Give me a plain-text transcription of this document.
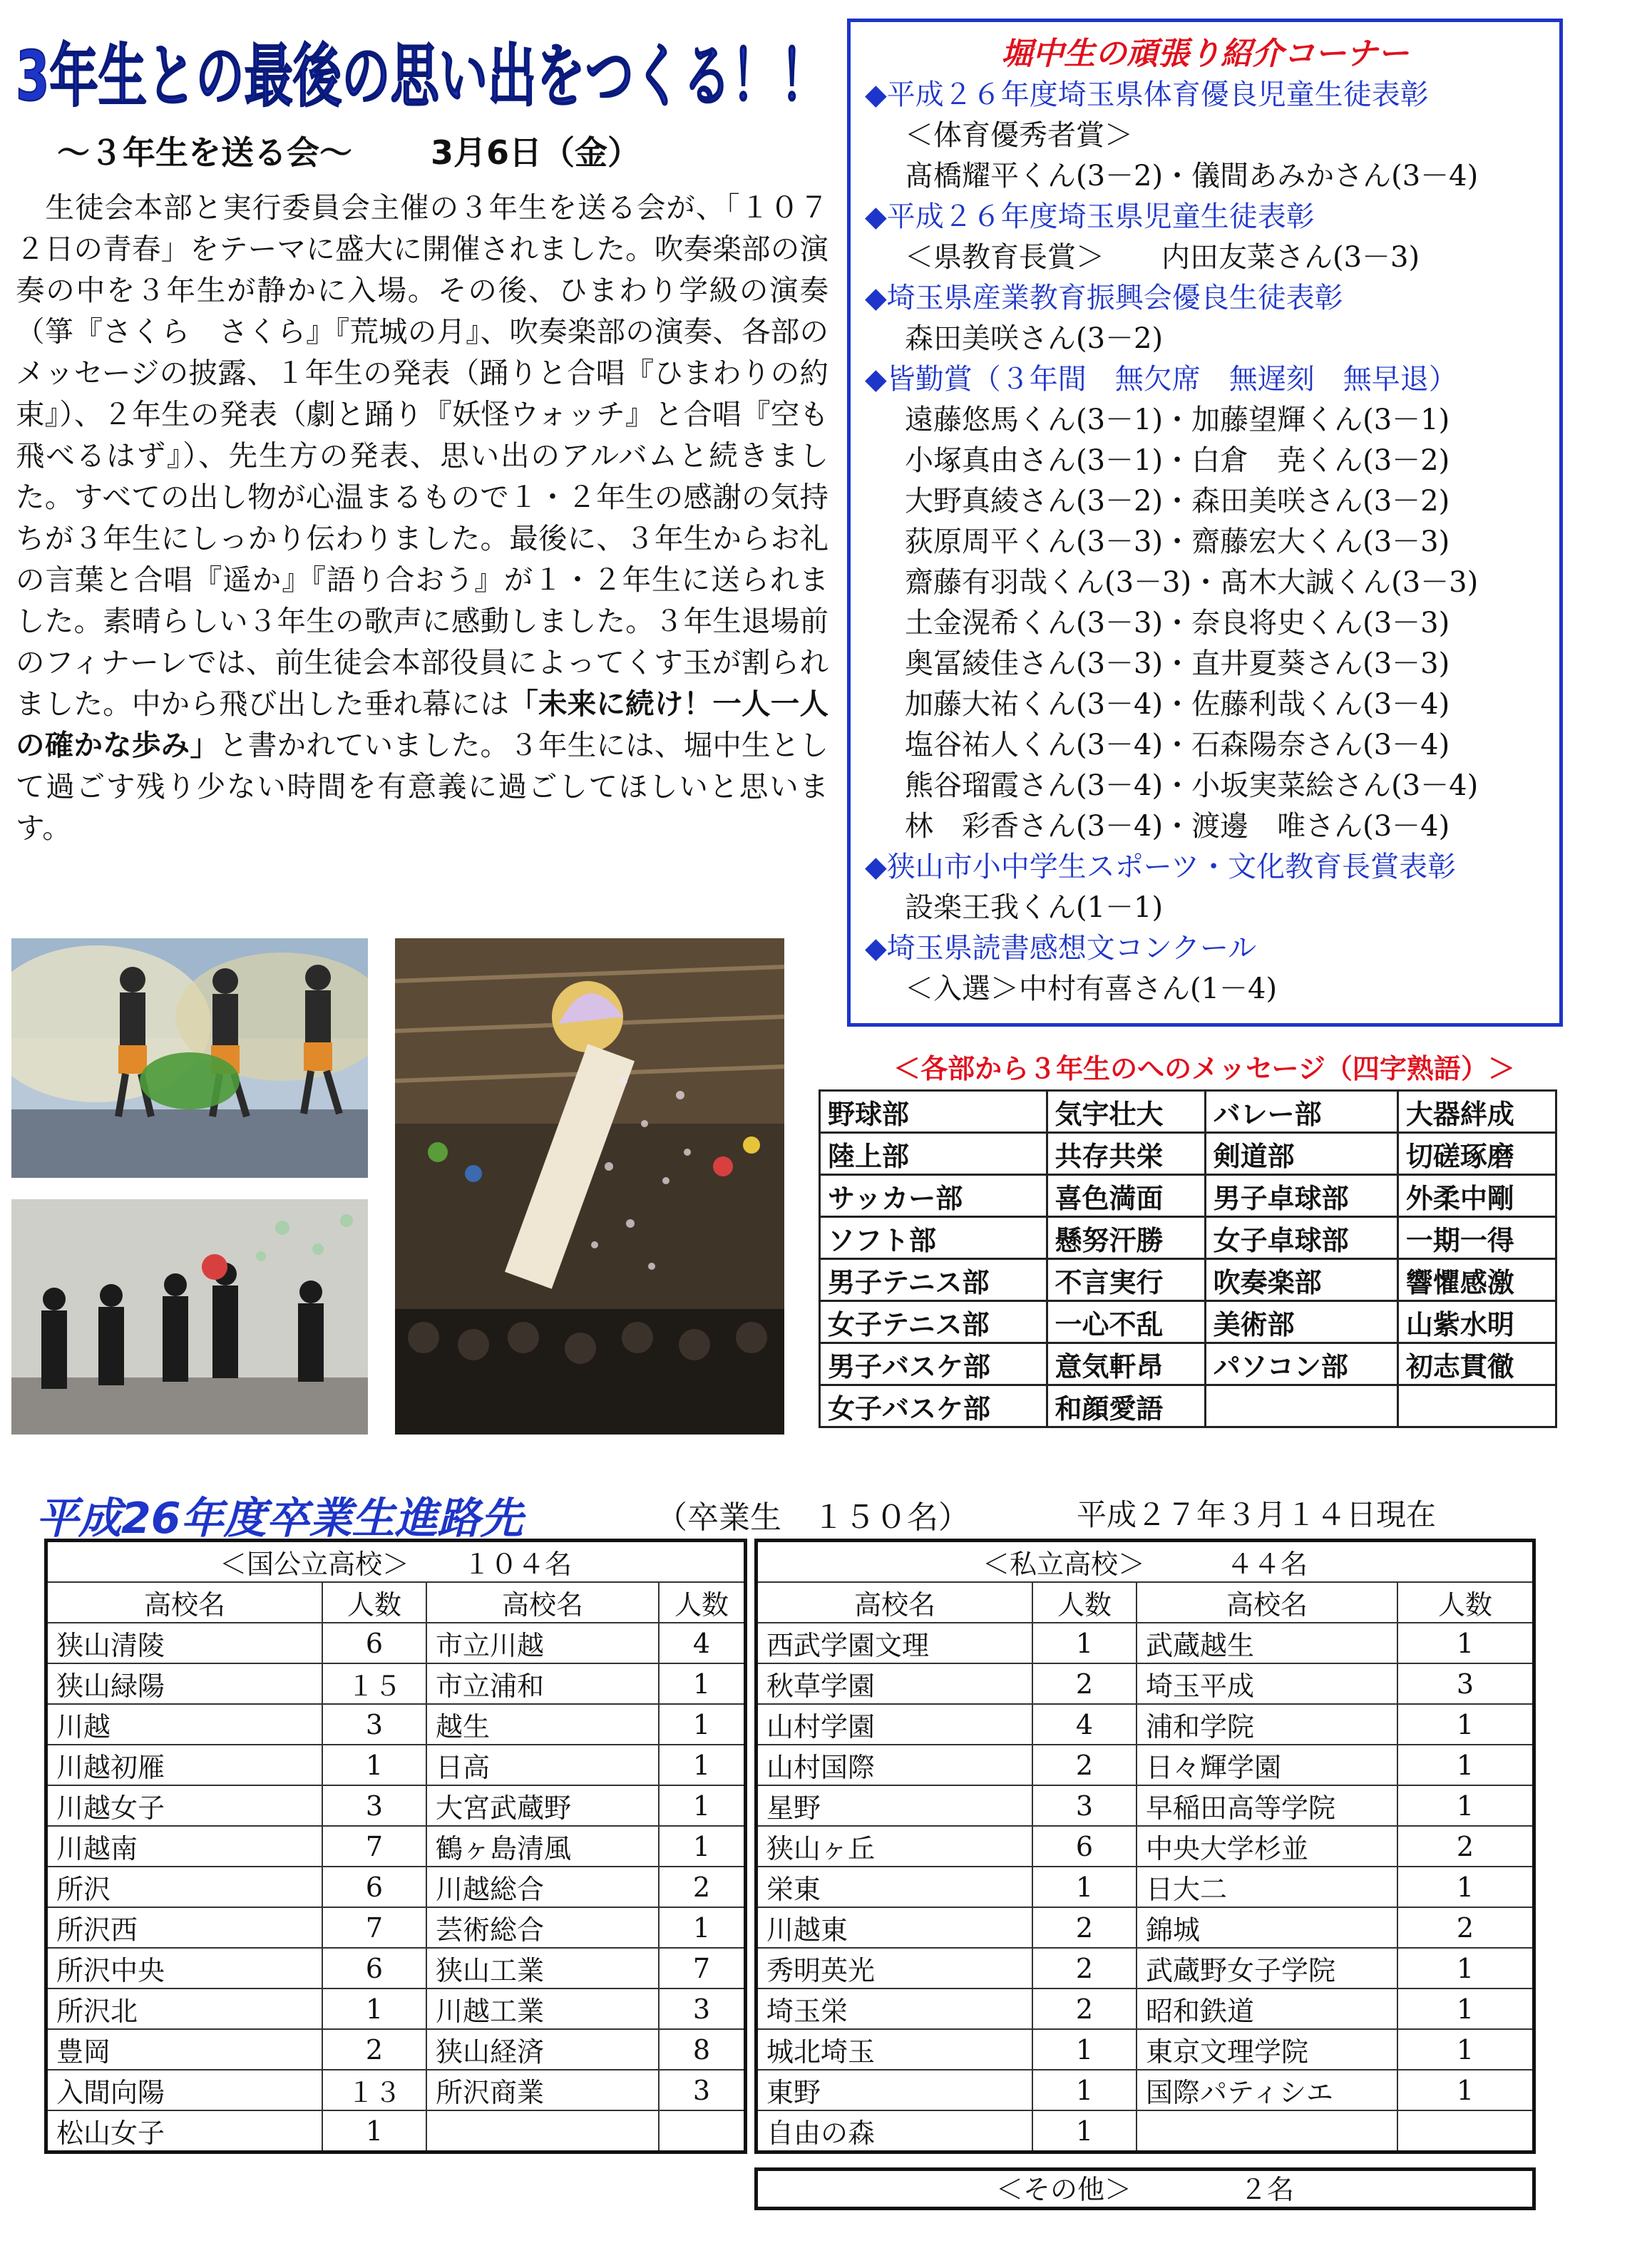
3年生との最後の思い出をつくる！！
～３年生を送る会～ 3月6日（金）

　生徒会本部と実行委員会主催の３年生を送る会が、「１０７２日の青春」をテーマに盛大に開催されました。吹奏楽部の演奏の中を３年生が静かに入場。その後、ひまわり学級の演奏（箏『さくら　さくら』『荒城の月』、吹奏楽部の演奏、各部のメッセージの披露、１年生の発表（踊りと合唱『ひまわりの約束』）、２年生の発表（劇と踊り『妖怪ウォッチ』と合唱『空も飛べるはず』）、先生方の発表、思い出のアルバムと続きました。すべての出し物が心温まるもので１・２年生の感謝の気持ちが３年生にしっかり伝わりました。最後に、３年生からお礼の言葉と合唱『遥か』『語り合おう』が１・２年生に送られました。素晴らしい３年生の歌声に感動しました。３年生退場前のフィナーレでは、前生徒会本部役員によってくす玉が割られました。中から飛び出した垂れ幕には「未来に続け！一人一人の確かな歩み」と書かれていました。３年生には、堀中生として過ごす残り少ない時間を有意義に過ごしてほしいと思います。

堀中生の頑張り紹介コーナー
◆平成２６年度埼玉県体育優良児童生徒表彰
＜体育優秀者賞＞
髙橋耀平くん(3－2)・儀間あみかさん(3－4)
◆平成２６年度埼玉県児童生徒表彰
＜県教育長賞＞　　内田友菜さん(3－3)
◆埼玉県産業教育振興会優良生徒表彰
森田美咲さん(3－2)
◆皆勤賞（３年間　無欠席　無遅刻　無早退）
遠藤悠馬くん(3－1)・加藤望輝くん(3－1)
小塚真由さん(3－1)・白倉　尭くん(3－2)
大野真綾さん(3－2)・森田美咲さん(3－2)
荻原周平くん(3－3)・齋藤宏大くん(3－3)
齋藤有羽哉くん(3－3)・髙木大誠くん(3－3)
土金滉希くん(3－3)・奈良将史くん(3－3)
奥冨綾佳さん(3－3)・直井夏葵さん(3－3)
加藤大祐くん(3－4)・佐藤利哉くん(3－4)
塩谷祐人くん(3－4)・石森陽奈さん(3－4)
熊谷瑠霞さん(3－4)・小坂実菜絵さん(3－4)
林　彩香さん(3－4)・渡邊　唯さん(3－4)
◆狭山市小中学生スポーツ・文化教育長賞表彰
設楽王我くん(1－1)
◆埼玉県読書感想文コンクール
＜入選＞中村有喜さん(1－4)
＜各部から３年生のへのメッセージ（四字熟語）＞
野球部	気宇壮大	バレー部	大器絆成
陸上部	共存共栄	剣道部	切磋琢磨
サッカー部	喜色満面	男子卓球部	外柔中剛
ソフト部	懸努汗勝	女子卓球部	一期一得
男子テニス部	不言実行	吹奏楽部	響懼感激
女子テニス部	一心不乱	美術部	山紫水明
男子バスケ部	意気軒昂	パソコン部	初志貫徹
女子バスケ部	和顔愛語		
平成26年度卒業生進路先	（卒業生　１５０名）	平成２７年３月１４日現在
＜国公立高校＞　　１０４名			
高校名	人数	高校名	人数
狭山清陵	6	市立川越	4
狭山緑陽	１５	市立浦和	1
川越	3	越生	1
川越初雁	1	日高	1
川越女子	3	大宮武蔵野	1
川越南	7	鶴ヶ島清風	1
所沢	6	川越総合	2
所沢西	7	芸術総合	1
所沢中央	6	狭山工業	7
所沢北	1	川越工業	3
豊岡	2	狭山経済	8
入間向陽	１３	所沢商業	3
松山女子	1		
＜私立高校＞　　　４４名			
高校名	人数	高校名	人数
西武学園文理	1	武蔵越生	1
秋草学園	2	埼玉平成	3
山村学園	4	浦和学院	1
山村国際	2	日々輝学園	1
星野	3	早稲田高等学院	1
狭山ヶ丘	6	中央大学杉並	2
栄東	1	日大二	1
川越東	2	錦城	2
秀明英光	2	武蔵野女子学院	1
埼玉栄	2	昭和鉄道	1
城北埼玉	1	東京文理学院	1
東野	1	国際パティシエ	1
自由の森	1		
＜その他＞　　　　２名
